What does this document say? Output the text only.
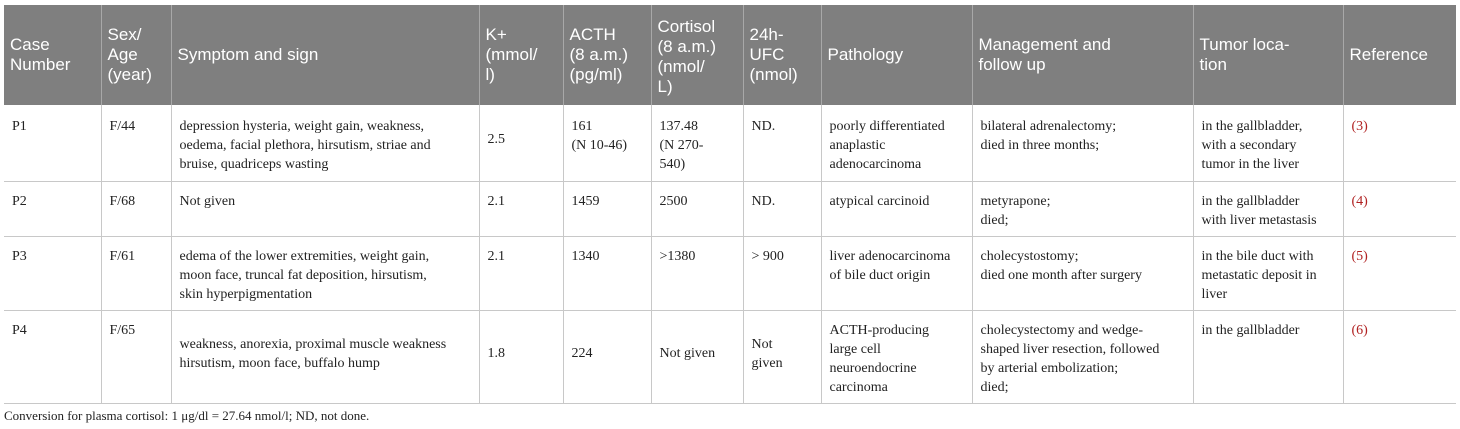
Case
Number	Sex/
Age
(year)	Symptom and sign	K+
(mmol/
l)	ACTH
(8 a.m.)
(pg/ml)	Cortisol
(8 a.m.)
(nmol/
L)	24h-
UFC
(nmol)	Pathology	Management and
follow up	Tumor loca-
tion	Reference

P1	F/44	depression hysteria, weight gain, weakness,
oedema, facial plethora, hirsutism, striae and
bruise, quadriceps wasting	2.5	161
(N 10-46)	137.48
(N 270-
540)	ND.	poorly differentiated
anaplastic
adenocarcinoma	bilateral adrenalectomy;
died in three months;	in the gallbladder,
with a secondary
tumor in the liver	(3)
P2	F/68	Not given	2.1	1459	2500	ND.	atypical carcinoid	metyrapone;
died;	in the gallbladder
with liver metastasis	(4)
P3	F/61	edema of the lower extremities, weight gain,
moon face, truncal fat deposition, hirsutism,
skin hyperpigmentation	2.1	1340	>1380	> 900	liver adenocarcinoma
of bile duct origin	cholecystostomy;
died one month after surgery	in the bile duct with
metastatic deposit in
liver	(5)
P4	F/65	weakness, anorexia, proximal muscle weakness
hirsutism, moon face, buffalo hump	1.8	224	Not given	Not
given	ACTH-producing
large cell
neuroendocrine
carcinoma	cholecystectomy and wedge-
shaped liver resection, followed
by arterial embolization;
died;	in the gallbladder	(6)
Conversion for plasma cortisol: 1 μg/dl = 27.64 nmol/l; ND, not done.
